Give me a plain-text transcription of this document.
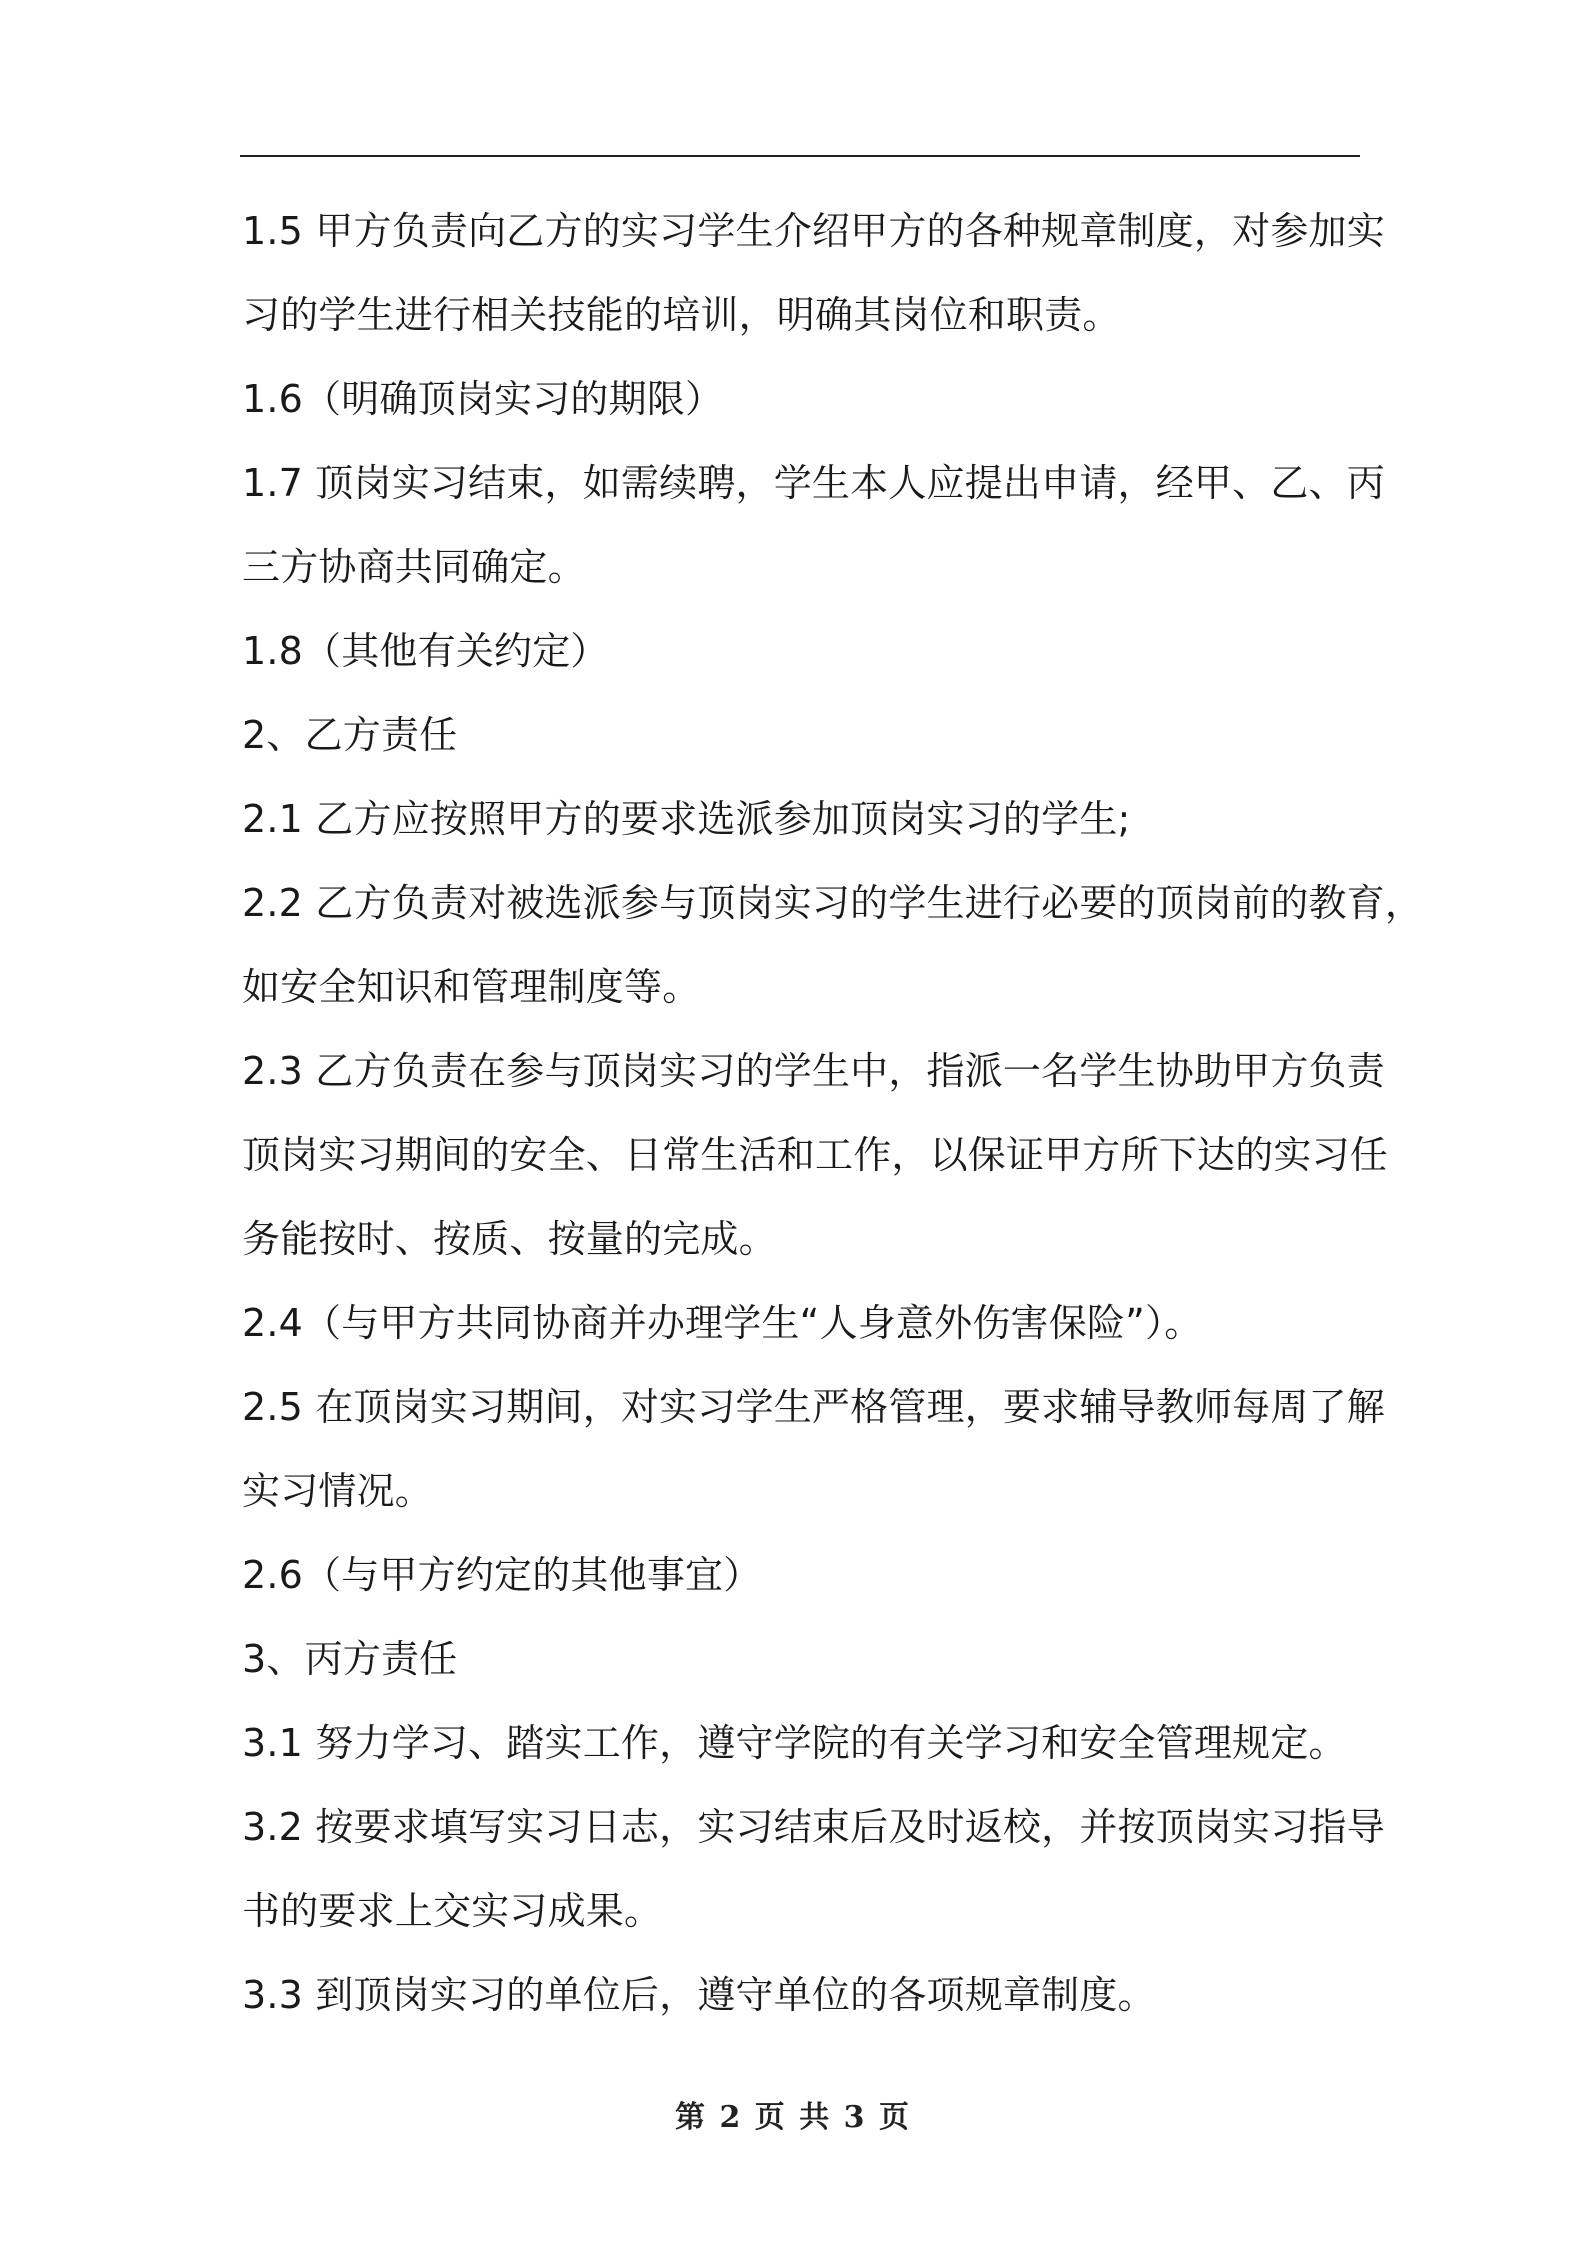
1.5 甲方负责向乙方的实习学生介绍甲方的各种规章制度，对参加实
习的学生进行相关技能的培训，明确其岗位和职责。
1.6（明确顶岗实习的期限）
1.7 顶岗实习结束，如需续聘，学生本人应提出申请，经甲、乙、丙
三方协商共同确定。
1.8（其他有关约定）
2、乙方责任
2.1 乙方应按照甲方的要求选派参加顶岗实习的学生;
2.2 乙方负责对被选派参与顶岗实习的学生进行必要的顶岗前的教育，
如安全知识和管理制度等。
2.3 乙方负责在参与顶岗实习的学生中，指派一名学生协助甲方负责
顶岗实习期间的安全、日常生活和工作，以保证甲方所下达的实习任
务能按时、按质、按量的完成。
2.4（与甲方共同协商并办理学生“人身意外伤害保险”）。
2.5 在顶岗实习期间，对实习学生严格管理，要求辅导教师每周了解
实习情况。
2.6（与甲方约定的其他事宜）
3、丙方责任
3.1 努力学习、踏实工作，遵守学院的有关学习和安全管理规定。
3.2 按要求填写实习日志，实习结束后及时返校，并按顶岗实习指导
书的要求上交实习成果。
3.3 到顶岗实习的单位后，遵守单位的各项规章制度。
第 2 页 共 3 页
